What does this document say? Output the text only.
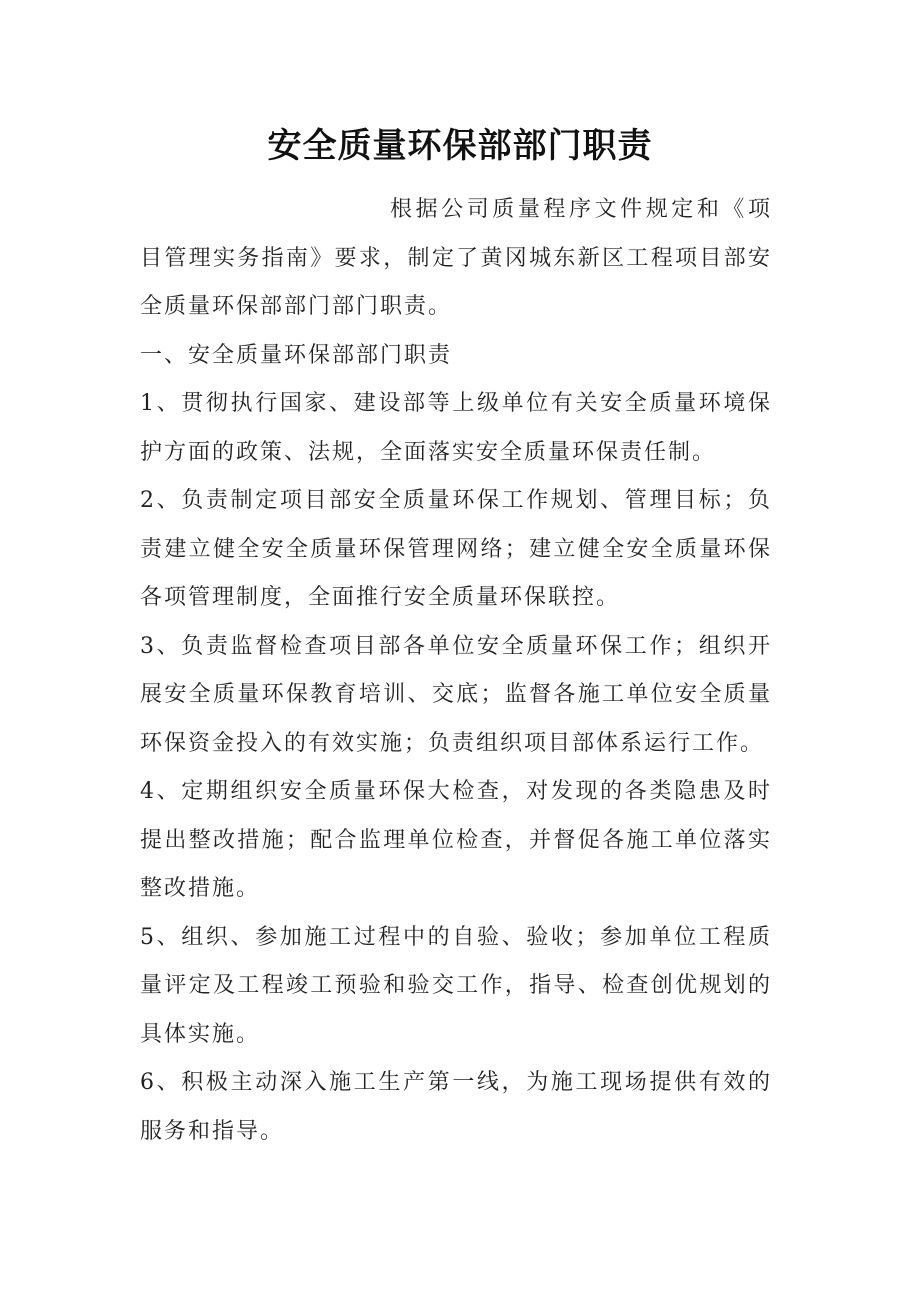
安全质量环保部部门职责

根据公司质量程序文件规定和《项目管理实务指南》要求，制定了黄冈城东新区工程项目部安全质量环保部部门部门职责。

一、安全质量环保部部门职责

1、贯彻执行国家、建设部等上级单位有关安全质量环境保护方面的政策、法规，全面落实安全质量环保责任制。

2、负责制定项目部安全质量环保工作规划、管理目标；负责建立健全安全质量环保管理网络；建立健全安全质量环保各项管理制度，全面推行安全质量环保联控。

3、负责监督检查项目部各单位安全质量环保工作；组织开展安全质量环保教育培训、交底；监督各施工单位安全质量环保资金投入的有效实施；负责组织项目部体系运行工作。

4、定期组织安全质量环保大检查，对发现的各类隐患及时提出整改措施；配合监理单位检查，并督促各施工单位落实整改措施。

5、组织、参加施工过程中的自验、验收；参加单位工程质量评定及工程竣工预验和验交工作，指导、检查创优规划的具体实施。

6、积极主动深入施工生产第一线，为施工现场提供有效的服务和指导。
